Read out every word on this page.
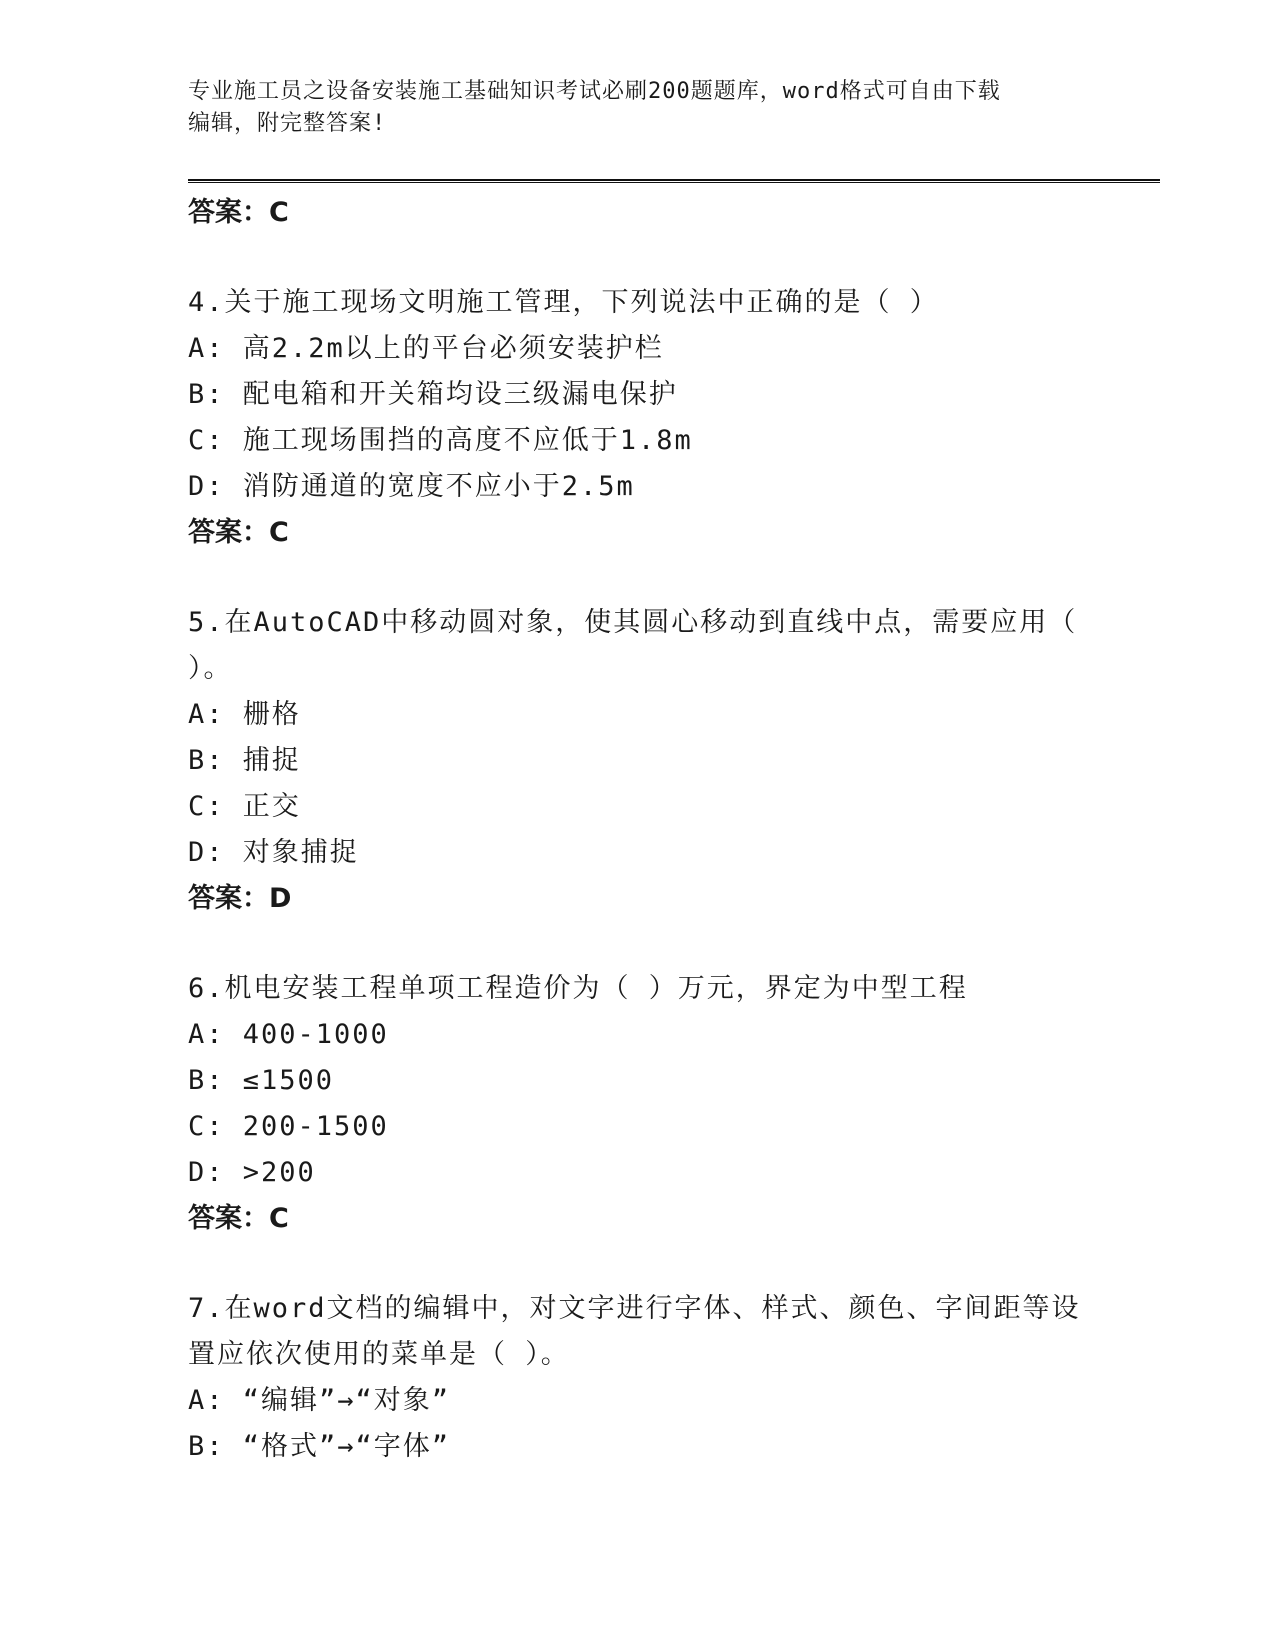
专业施工员之设备安装施工基础知识考试必刷200题题库，word格式可自由下载
编辑，附完整答案!
答案：C
4.关于施工现场文明施工管理，下列说法中正确的是（ ）
A: 高2.2m以上的平台必须安装护栏
B: 配电箱和开关箱均设三级漏电保护
C: 施工现场围挡的高度不应低于1.8m
D: 消防通道的宽度不应小于2.5m
答案：C
5.在AutoCAD中移动圆对象，使其圆心移动到直线中点，需要应用（
）。
A: 栅格
B: 捕捉
C: 正交
D: 对象捕捉
答案：D
6.机电安装工程单项工程造价为（ ）万元，界定为中型工程
A: 400-1000
B: ≤1500
C: 200-1500
D: >200
答案：C
7.在word文档的编辑中，对文字进行字体、样式、颜色、字间距等设
置应依次使用的菜单是（ ）。
A: “编辑”→“对象”
B: “格式”→“字体”
